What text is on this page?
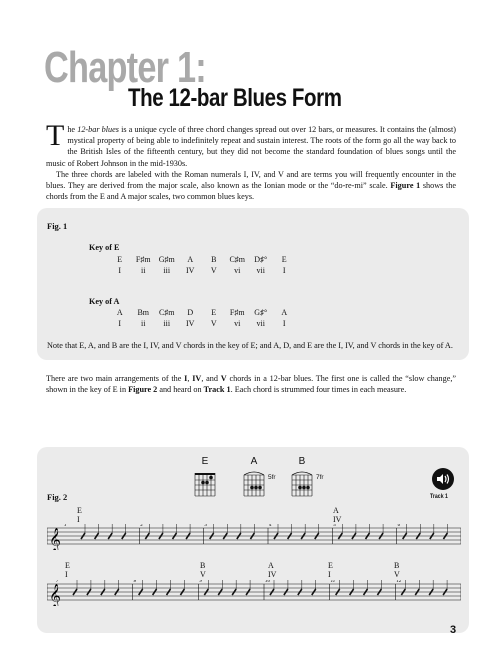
Chapter 1:
The 12-bar Blues Form

The 12-bar blues is a unique cycle of three chord changes spread out over 12 bars, or measures. It contains the (almost) mystical property of being able to indefinitely repeat and sustain interest. The roots of the form go all the way back to the British Isles of the fifteenth century, but they did not become the standard foundation of blues songs until the music of Robert Johnson in the mid-1930s.

The three chords are labeled with the Roman numerals I, IV, and V and are terms you will frequently encounter in the blues. They are derived from the major scale, also known as the Ionian mode or the “do-re-mi” scale. Figure 1 shows the chords from the E and A major scales, two common blues keys.

Fig. 1
Key of E
E	F♯m	G♯m	A	B	C♯m	D♯°	E
I	ii	iii	IV	V	vi	vii	I
Key of A
A	Bm	C♯m	D	E	F♯m	G♯°	A
I	ii	iii	IV	V	vi	vii	I
Note that E, A, and B are the I, IV, and V chords in the key of E; and A, D, and E are the I, IV, and V chords in the key of A.

There are two main arrangements of the I, IV, and V chords in a 12-bar blues. The first one is called the “slow change,” shown in the key of E in Figure 2 and heard on Track 1. Each chord is strummed four times in each measure.

Fig. 2
E	A
5fr
B
7fr
Track 1
E
I
A
IV
𝄞
1	2	3	4	5	6
E
I
B
V
A
IV
E
I
B
V
𝄞
7	8	9	10	11	12
3
